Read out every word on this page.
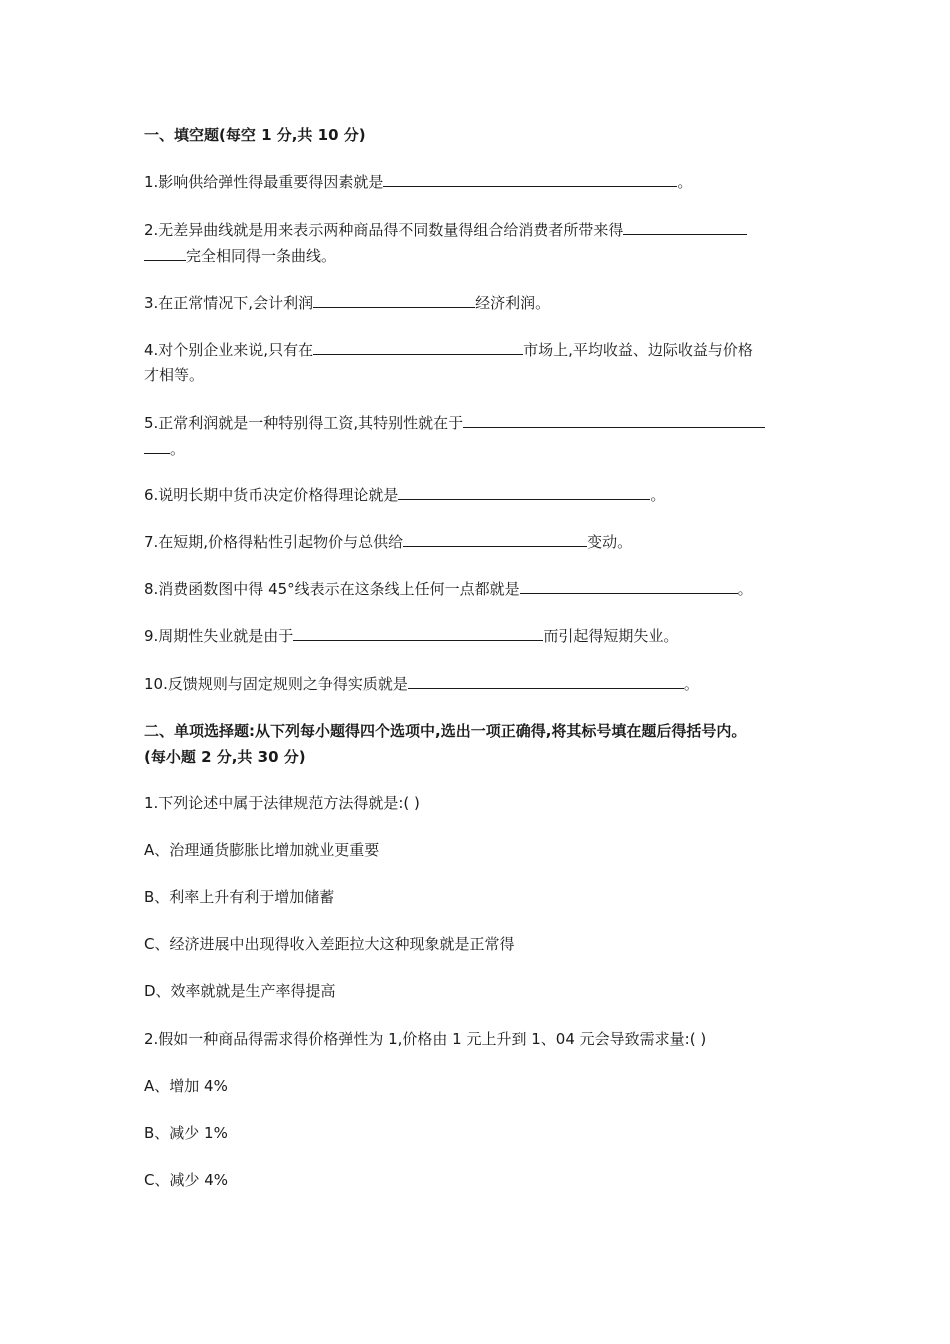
一、填空题(每空 1 分,共 10 分)
1.影响供给弹性得最重要得因素就是	。
2.无差异曲线就是用来表示两种商品得不同数量得组合给消费者所带来得
完全相同得一条曲线。
3.在正常情况下,会计利润	经济利润。
4.对个别企业来说,只有在	市场上,平均收益、边际收益与价格
才相等。
5.正常利润就是一种特别得工资,其特别性就在于
。
6.说明长期中货币决定价格得理论就是	。
7.在短期,价格得粘性引起物价与总供给	变动。
8.消费函数图中得 45°线表示在这条线上任何一点都就是	。
9.周期性失业就是由于	而引起得短期失业。
10.反馈规则与固定规则之争得实质就是	。
二、单项选择题:从下列每小题得四个选项中,选出一项正确得,将其标号填在题后得括号内。
(每小题 2 分,共 30 分)
1.下列论述中属于法律规范方法得就是:( )
A、治理通货膨胀比增加就业更重要
B、利率上升有利于增加储蓄
C、经济进展中出现得收入差距拉大这种现象就是正常得
D、效率就就是生产率得提高
2.假如一种商品得需求得价格弹性为 1,价格由 1 元上升到 1、04 元会导致需求量:( )
A、增加 4%
B、减少 1%
C、减少 4%
